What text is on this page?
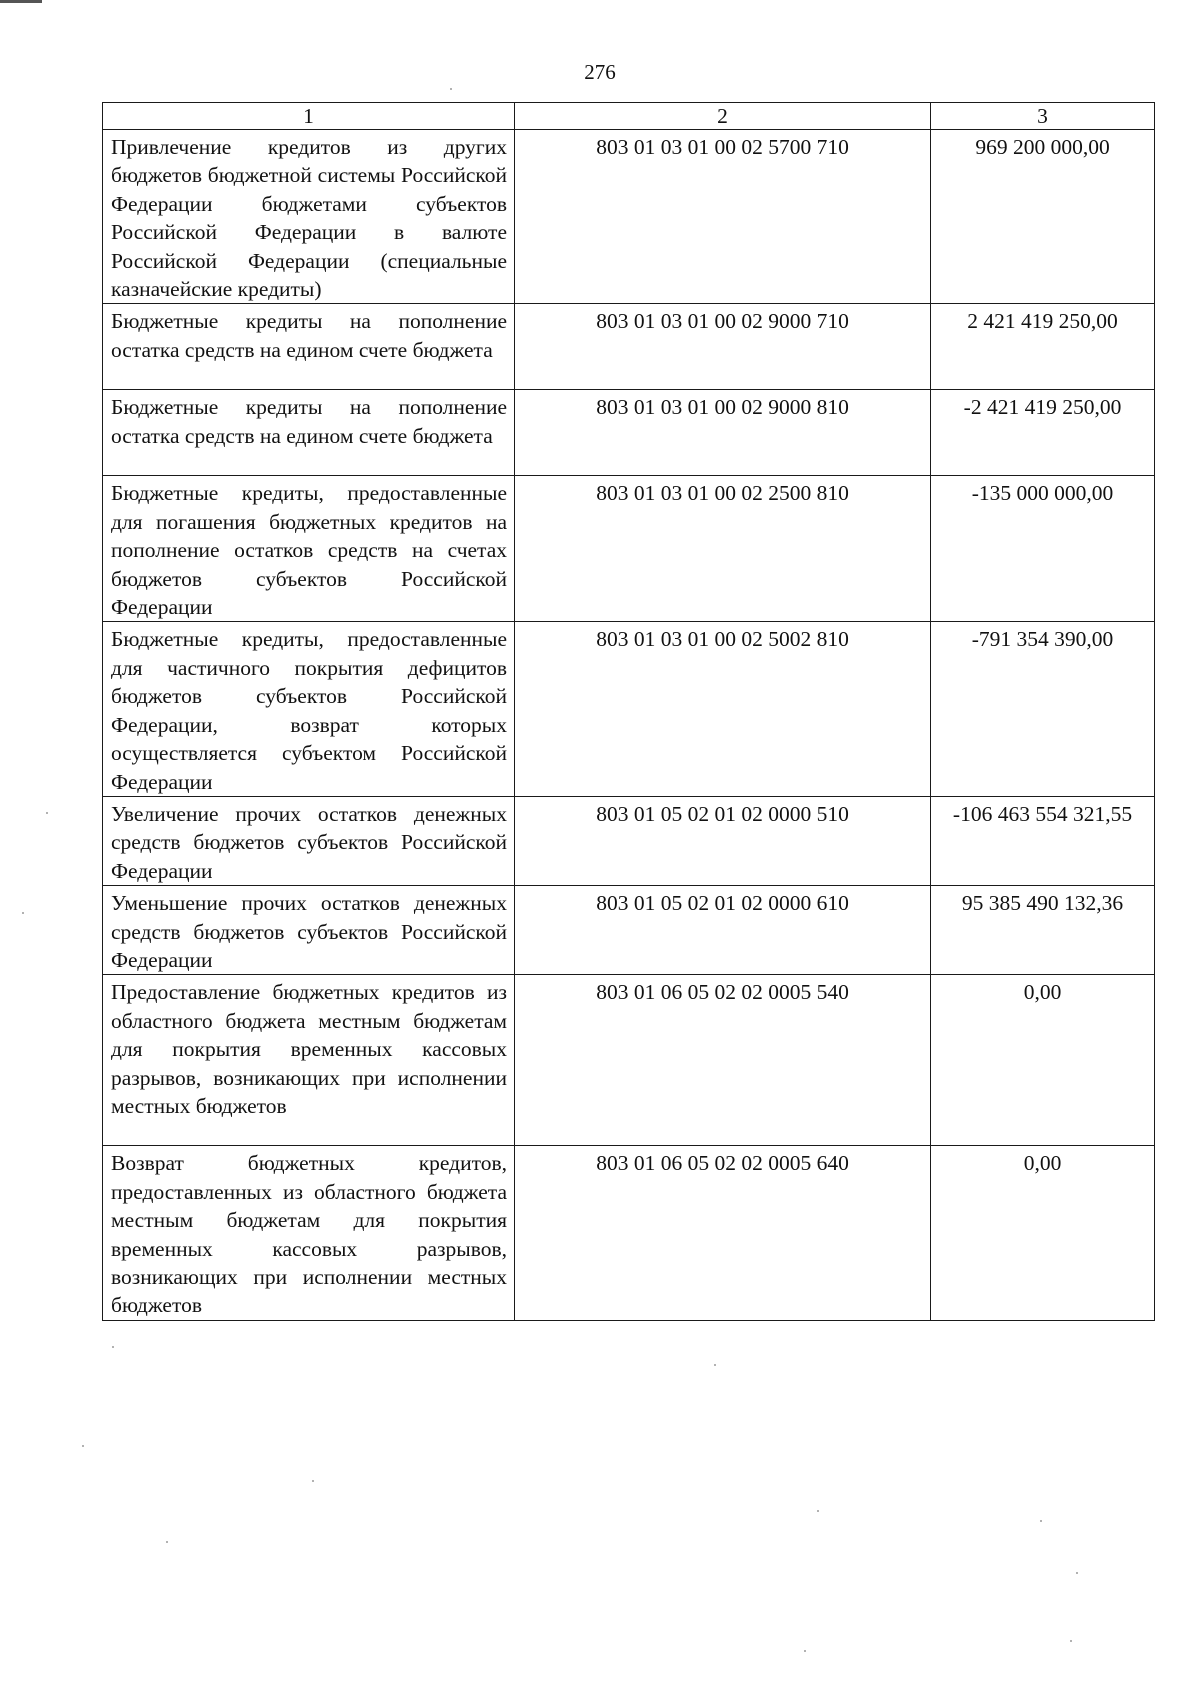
276
1	2	3
Привлечение кредитов из других бюджетов бюджетной системы Российской Федерации бюджетами субъектов Российской Федерации в валюте Российской Федерации (специальные казначейские кредиты)	803 01 03 01 00 02 5700 710	969 200 000,00
Бюджетные кредиты на пополнение остатка средств на едином счете бюджета	803 01 03 01 00 02 9000 710	2 421 419 250,00
Бюджетные кредиты на пополнение остатка средств на едином счете бюджета	803 01 03 01 00 02 9000 810	-2 421 419 250,00
Бюджетные кредиты, предоставленные для погашения бюджетных кредитов на пополнение остатков средств на счетах бюджетов субъектов Российской Федерации	803 01 03 01 00 02 2500 810	-135 000 000,00
Бюджетные кредиты, предоставленные для частичного покрытия дефицитов бюджетов субъектов Российской Федерации, возврат которых осуществляется субъектом Российской Федерации	803 01 03 01 00 02 5002 810	-791 354 390,00
Увеличение прочих остатков денежных средств бюджетов субъектов Российской Федерации	803 01 05 02 01 02 0000 510	-106 463 554 321,55
Уменьшение прочих остатков денежных средств бюджетов субъектов Российской Федерации	803 01 05 02 01 02 0000 610	95 385 490 132,36
Предоставление бюджетных кредитов из областного бюджета местным бюджетам для покрытия временных кассовых разрывов, возникающих при исполнении местных бюджетов	803 01 06 05 02 02 0005 540	0,00
Возврат бюджетных кредитов, предоставленных из областного бюджета местным бюджетам для покрытия временных кассовых разрывов, возникающих при исполнении местных бюджетов	803 01 06 05 02 02 0005 640	0,00
